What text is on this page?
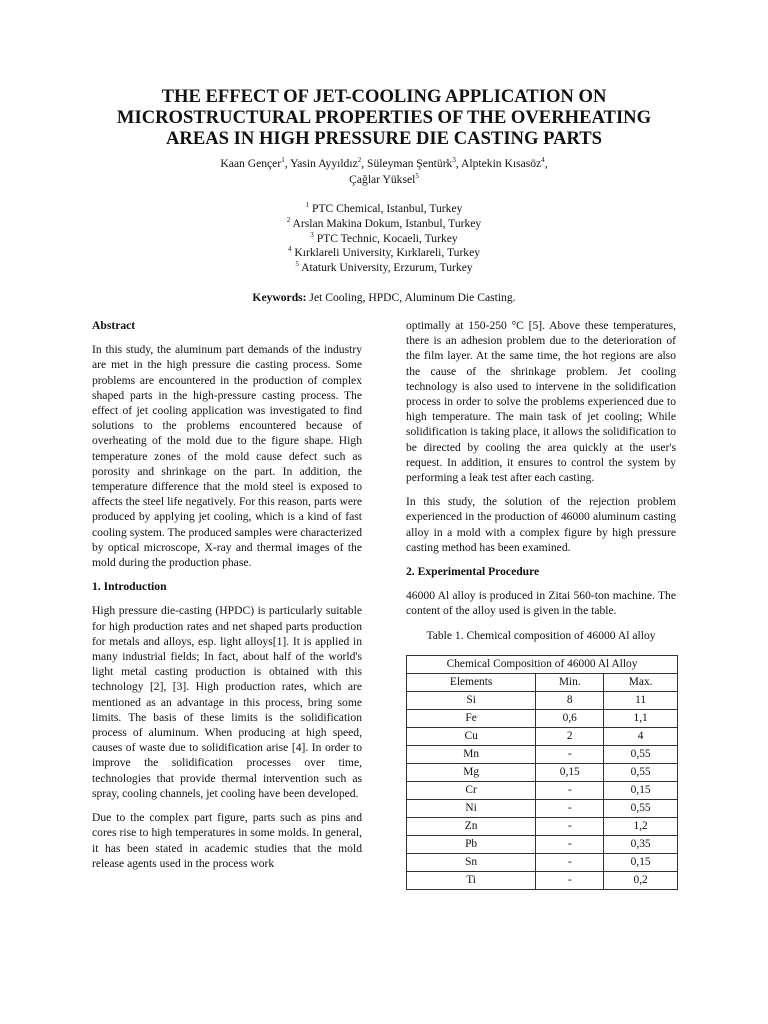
THE EFFECT OF JET-COOLING APPLICATION ON
MICROSTRUCTURAL PROPERTIES OF THE OVERHEATING
AREAS IN HIGH PRESSURE DIE CASTING PARTS
Kaan Gençer$^1$, Yasin Ayyıldız$^2$, Süleyman Şentürk$^3$, Alptekin Kısasöz$^4$,
Çağlar Yüksel$^5$
$^1$ PTC Chemical, Istanbul, Turkey
$^2$ Arslan Makina Dokum, Istanbul, Turkey
$^3$ PTC Technic, Kocaeli, Turkey
$^4$ Kırklareli University, Kırklareli, Turkey
$^5$ Ataturk University, Erzurum, Turkey
Keywords: Jet Cooling, HPDC, Aluminum Die Casting.
Abstract

In this study, the aluminum part demands of the industry are met in the high pressure die casting process. Some problems are encountered in the production of complex shaped parts in the high-pressure casting process. The effect of jet cooling application was investigated to find solutions to the problems encountered because of overheating of the mold due to the figure shape. High temperature zones of the mold cause defect such as porosity and shrinkage on the part. In addition, the temperature difference that the mold steel is exposed to affects the steel life negatively. For this reason, parts were produced by applying jet cooling, which is a kind of fast cooling system. The produced samples were characterized by optical microscope, X-ray and thermal images of the mold during the production phase.

1. Introduction

High pressure die-casting (HPDC) is particularly suitable for high production rates and net shaped parts production for metals and alloys, esp. light alloys[1]. It is applied in many industrial fields; In fact, about half of the world's light metal casting production is obtained with this technology [2], [3]. High production rates, which are mentioned as an advantage in this process, bring some limits. The basis of these limits is the solidification process of aluminum. When producing at high speed, causes of waste due to solidification arise [4]. In order to improve the solidification processes over time, technologies that provide thermal intervention such as spray, cooling channels, jet cooling have been developed.

Due to the complex part figure, parts such as pins and cores rise to high temperatures in some molds. In general, it has been stated in academic studies that the mold release agents used in the process work

optimally at 150-250 °C [5]. Above these temperatures, there is an adhesion problem due to the deterioration of the film layer. At the same time, the hot regions are also the cause of the shrinkage problem. Jet cooling technology is also used to intervene in the solidification process in order to solve the problems experienced due to high temperature. The main task of jet cooling; While solidification is taking place, it allows the solidification to be directed by cooling the area quickly at the user's request. In addition, it ensures to control the system by performing a leak test after each casting.

In this study, the solution of the rejection problem experienced in the production of 46000 aluminum casting alloy in a mold with a complex figure by high pressure casting method has been examined.

2. Experimental Procedure

46000 Al alloy is produced in Zitai 560-ton machine. The content of the alloy used is given in the table.

Table 1. Chemical composition of 46000 Al alloy
Chemical Composition of 46000 Al Alloy		
Elements	Min.	Max.
Si	8	11
Fe	0,6	1,1
Cu	2	4
Mn	-	0,55
Mg	0,15	0,55
Cr	-	0,15
Ni	-	0,55
Zn	-	1,2
Pb	-	0,35
Sn	-	0,15
Ti	-	0,2
